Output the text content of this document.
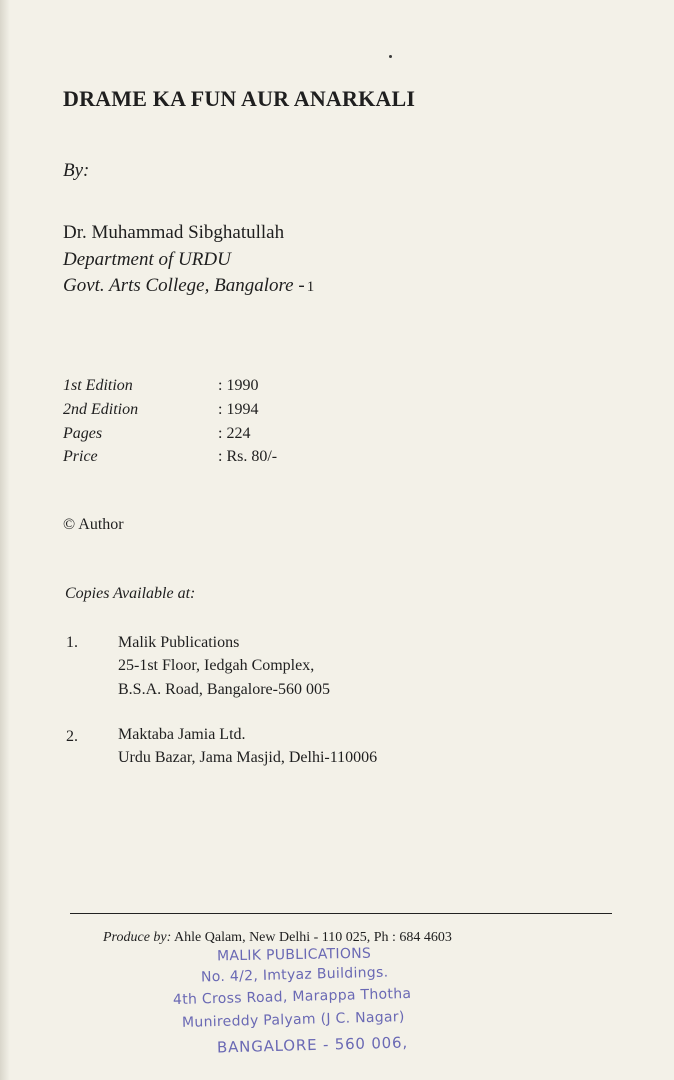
DRAME KA FUN AUR ANARKALI
By:
Dr. Muhammad Sibghatullah
Department of URDU
Govt. Arts College, Bangalore - 1
1st Edition	: 1990
2nd Edition	: 1994
Pages	: 224
Price	: Rs. 80/-
© Author
Copies Available at:
1.	Malik Publications
25-1st Floor, Iedgah Complex,
B.S.A. Road, Bangalore-560 005
2.	Maktaba Jamia Ltd.
Urdu Bazar, Jama Masjid, Delhi-110006
Produce by: Ahle Qalam, New Delhi - 110 025, Ph : 684 4603
MALIK PUBLICATIONS
No. 4/2, Imtyaz Buildings.
4th Cross Road, Marappa Thotha
Munireddy Palyam (J C. Nagar)
BANGALORE - 560 006,
